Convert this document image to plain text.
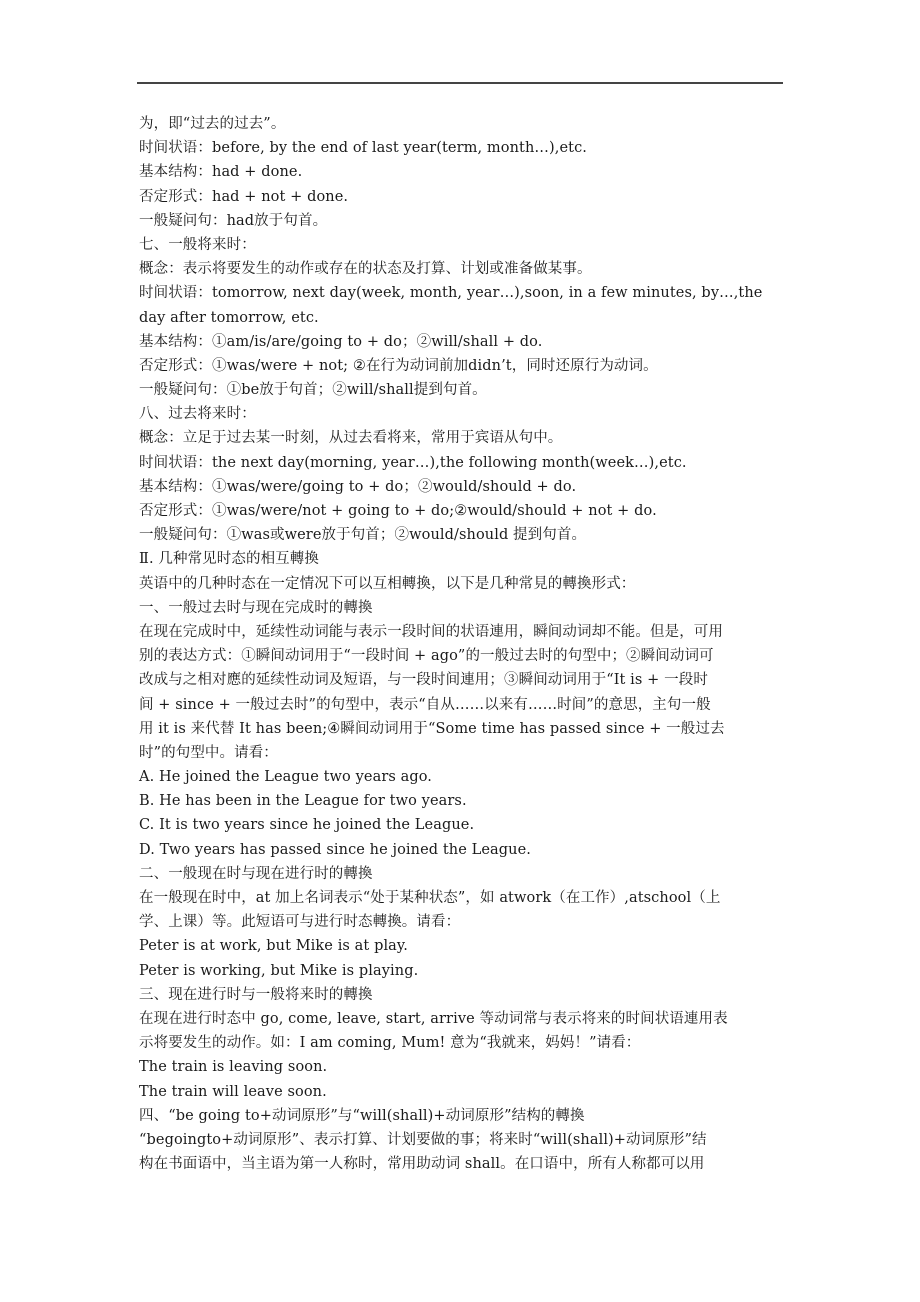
为，即“过去的过去”。
时间状语：before, by the end of last year(term, month…),etc.
基本结构：had + done.
否定形式：had + not + done.
一般疑问句：had放于句首。
七、一般将来时：
概念：表示将要发生的动作或存在的状态及打算、计划或准备做某事。
时间状语：tomorrow, next day(week, month, year…),soon, in a few minutes, by…,the
day after tomorrow, etc.
基本结构：①am/is/are/going to + do；②will/shall + do.
否定形式：①was/were + not; ②在行为动词前加didn’t，同时还原行为动词。
一般疑问句：①be放于句首；②will/shall提到句首。
八、过去将来时：
概念：立足于过去某一时刻，从过去看将来，常用于宾语从句中。
时间状语：the next day(morning, year…),the following month(week…),etc.
基本结构：①was/were/going to + do；②would/should + do.
否定形式：①was/were/not + going to + do;②would/should + not + do.
一般疑问句：①was或were放于句首；②would/should 提到句首。
Ⅱ. 几种常见时态的相互轉換
英语中的几种时态在一定情况下可以互相轉換，以下是几种常見的轉換形式：
一、一般过去时与现在完成时的轉換
在现在完成时中，延续性动词能与表示一段时间的状语連用，瞬间动词却不能。但是，可用
别的表达方式：①瞬间动词用于“一段时间 + ago”的一般过去时的句型中；②瞬间动词可
改成与之相对應的延续性动词及短语，与一段时间連用；③瞬间动词用于“It is + 一段时
间 + since + 一般过去时”的句型中，表示“自从……以来有……时间”的意思，主句一般
用 it is 来代替 It has been;④瞬间动词用于“Some time has passed since + 一般过去
时”的句型中。请看：
A. He joined the League two years ago.
B. He has been in the League for two years.
C. It is two years since he joined the League.
D. Two years has passed since he joined the League.
二、一般现在时与现在进行时的轉換
在一般现在时中，at 加上名词表示“处于某种状态”，如 atwork（在工作）,atschool（上
学、上课）等。此短语可与进行时态轉換。请看：
Peter is at work, but Mike is at play.
Peter is working, but Mike is playing.
三、现在进行时与一般将来时的轉換
在现在进行时态中 go, come, leave, start, arrive 等动词常与表示将来的时间状语連用表
示将要发生的动作。如：I am coming, Mum! 意为“我就来，妈妈！”请看：
The train is leaving soon.
The train will leave soon.
四、“be going to+动词原形”与“will(shall)+动词原形”结构的轉換
“begoingto+动词原形”、表示打算、计划要做的事；将来时“will(shall)+动词原形”结
构在书面语中，当主语为第一人称时，常用助动词 shall。在口语中，所有人称都可以用
